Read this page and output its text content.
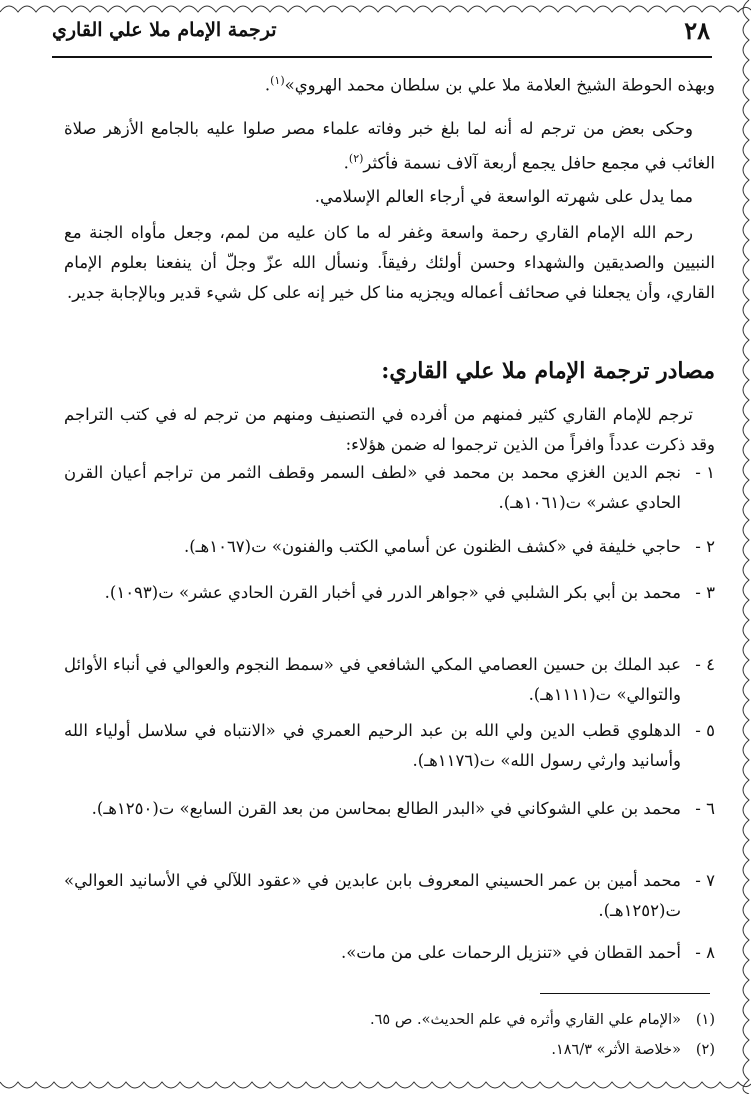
٢٨
ترجمة الإمام ملا علي القاري

وبهذه الحوطة الشيخ العلامة ملا علي بن سلطان محمد الهروي»$^{(١)}$.

وحكى بعض من ترجم له أنه لما بلغ خبر وفاته علماء مصر صلوا عليه بالجامع الأزهر صلاة الغائب في مجمع حافل يجمع أربعة آلاف نسمة فأكثر$^{(٢)}$.

مما يدل على شهرته الواسعة في أرجاء العالم الإسلامي.

رحم الله الإمام القاري رحمة واسعة وغفر له ما كان عليه من لمم، وجعل مأواه الجنة مع النبيين والصديقين والشهداء وحسن أولئك رفيقاً. ونسأل الله عزّ وجلّ أن ينفعنا بعلوم الإمام القاري، وأن يجعلنا في صحائف أعماله ويجزيه منا كل خير إنه على كل شيء قدير وبالإجابة جدير.

مصادر ترجمة الإمام ملا علي القاري:

ترجم للإمام القاري كثير فمنهم من أفرده في التصنيف ومنهم من ترجم له في كتب التراجم وقد ذكرت عدداً وافراً من الذين ترجموا له ضمن هؤلاء:

١ -
نجم الدين الغزي محمد بن محمد في «لطف السمر وقطف الثمر من تراجم أعيان القرن الحادي عشر» ت(١٠٦١هـ).
٢ -
حاجي خليفة في «كشف الظنون عن أسامي الكتب والفنون» ت(١٠٦٧هـ).
٣ -
محمد بن أبي بكر الشلبي في «جواهر الدرر في أخبار القرن الحادي عشر» ت(١٠٩٣).
٤ -
عبد الملك بن حسين العصامي المكي الشافعي في «سمط النجوم والعوالي في أنباء الأوائل والتوالي» ت(١١١١هـ).
٥ -
الدهلوي قطب الدين ولي الله بن عبد الرحيم العمري في «الانتباه في سلاسل أولياء الله وأسانيد وارثي رسول الله» ت(١١٧٦هـ).
٦ -
محمد بن علي الشوكاني في «البدر الطالع بمحاسن من بعد القرن السابع» ت(١٢٥٠هـ).
٧ -
محمد أمين بن عمر الحسيني المعروف بابن عابدين في «عقود اللآلي في الأسانيد العوالي» ت(١٢٥٢هـ).
٨ -
أحمد القطان في «تنزيل الرحمات على من مات».
(١)
«الإمام علي القاري وأثره في علم الحديث». ص ٦٥.
(٢)
«خلاصة الأثر» ١٨٦/٣.
